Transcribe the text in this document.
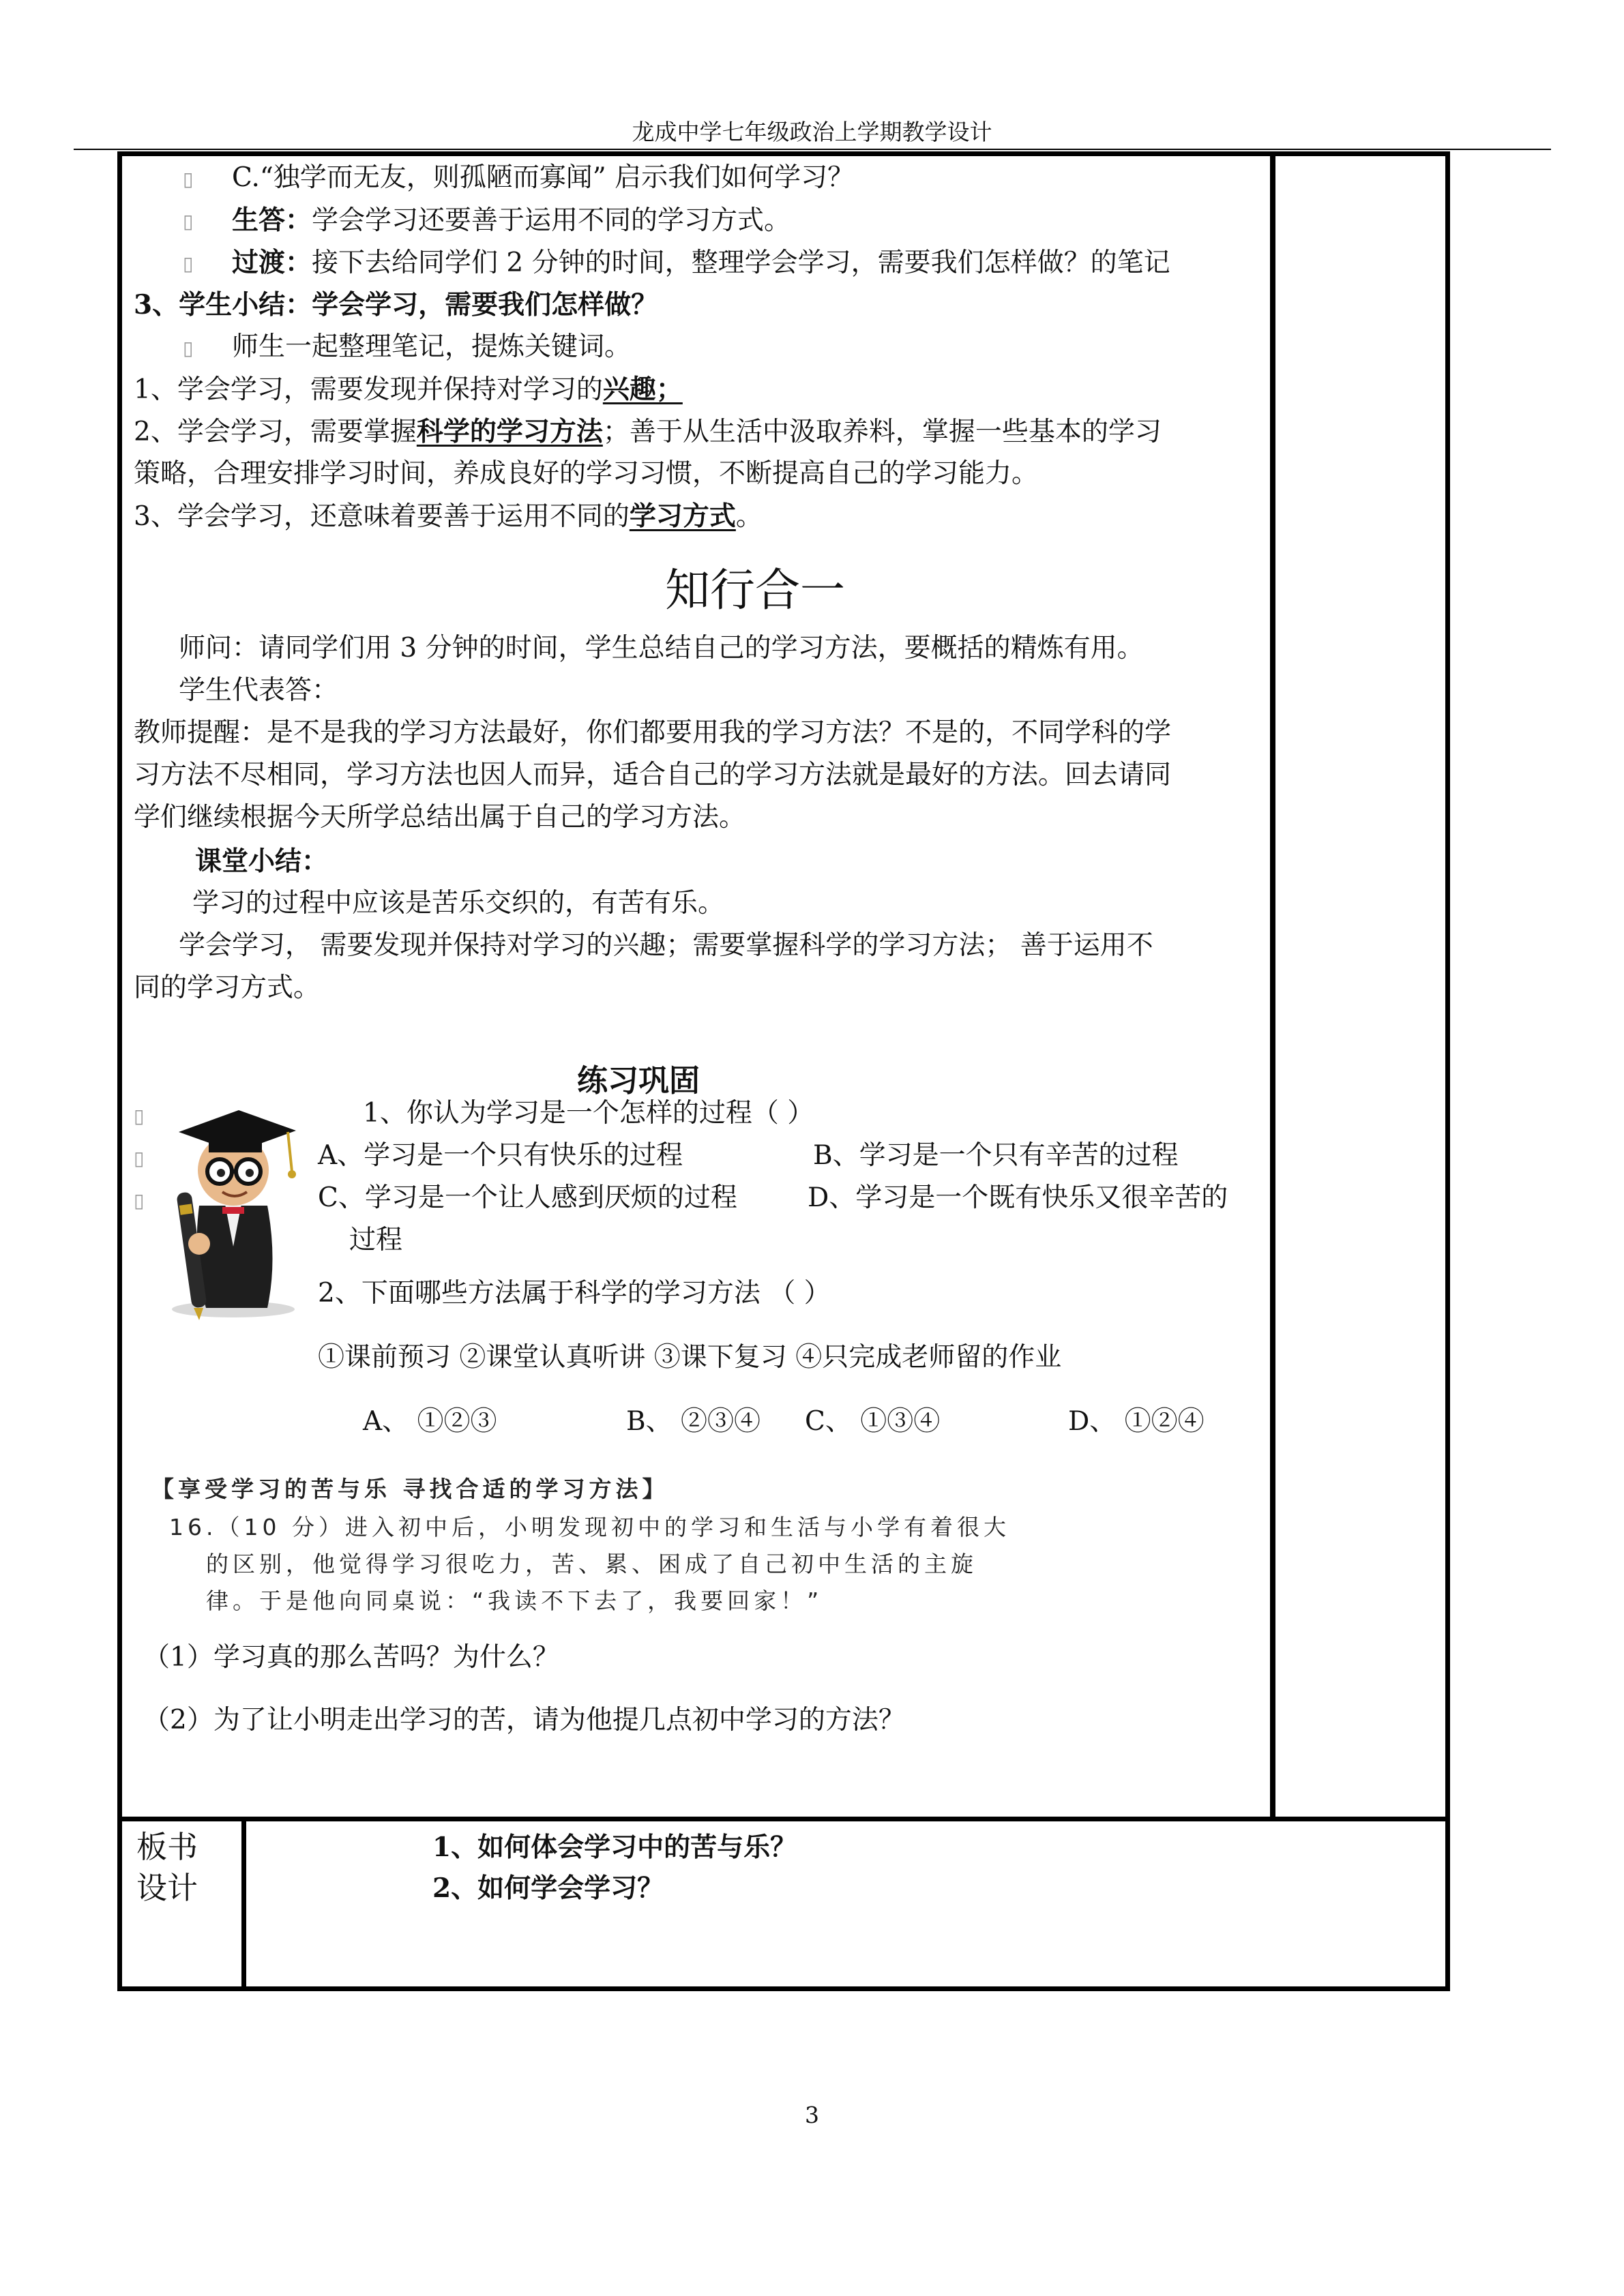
龙成中学七年级政治上学期教学设计
▯ C.“独学而无友，则孤陋而寡闻” 启示我们如何学习？
▯ 生答：学会学习还要善于运用不同的学习方式。
▯ 过渡：接下去给同学们 2 分钟的时间，整理学会学习，需要我们怎样做？的笔记
3、学生小结：学会学习，需要我们怎样做？
▯ 师生一起整理笔记，提炼关键词。
1、学会学习，需要发现并保持对学习的兴趣；
2、学会学习，需要掌握科学的学习方法；善于从生活中汲取养料，掌握一些基本的学习
策略，合理安排学习时间，养成良好的学习习惯，不断提高自己的学习能力。
3、学会学习，还意味着要善于运用不同的学习方式。
知行合一
师问：请同学们用 3 分钟的时间，学生总结自己的学习方法，要概括的精炼有用。
学生代表答：
教师提醒：是不是我的学习方法最好，你们都要用我的学习方法？不是的，不同学科的学
习方法不尽相同，学习方法也因人而异，适合自己的学习方法就是最好的方法。回去请同
学们继续根据今天所学总结出属于自己的学习方法。
课堂小结：
学习的过程中应该是苦乐交织的，有苦有乐。
学会学习， 需要发现并保持对学习的兴趣；需要掌握科学的学习方法； 善于运用不
同的学习方式。
练习巩固
▯
▯
▯
1、你认为学习是一个怎样的过程（ ）
A、学习是一个只有快乐的过程	B、学习是一个只有辛苦的过程
C、学习是一个让人感到厌烦的过程	D、学习是一个既有快乐又很辛苦的
过程
2、下面哪些方法属于科学的学习方法 （ ）
①课前预习 ②课堂认真听讲 ③课下复习 ④只完成老师留的作业
A、 ①②③	B、 ②③④ C、 ①③④	D、 ①②④
【享受学习的苦与乐 寻找合适的学习方法】
16.（10 分）进入初中后，小明发现初中的学习和生活与小学有着很大
的区别，他觉得学习很吃力，苦、累、困成了自己初中生活的主旋
律。于是他向同桌说：“我读不下去了，我要回家！”
（1）学习真的那么苦吗？为什么？
（2）为了让小明走出学习的苦，请为他提几点初中学习的方法？
板书
设计
1、如何体会学习中的苦与乐？
2、如何学会学习？
3
